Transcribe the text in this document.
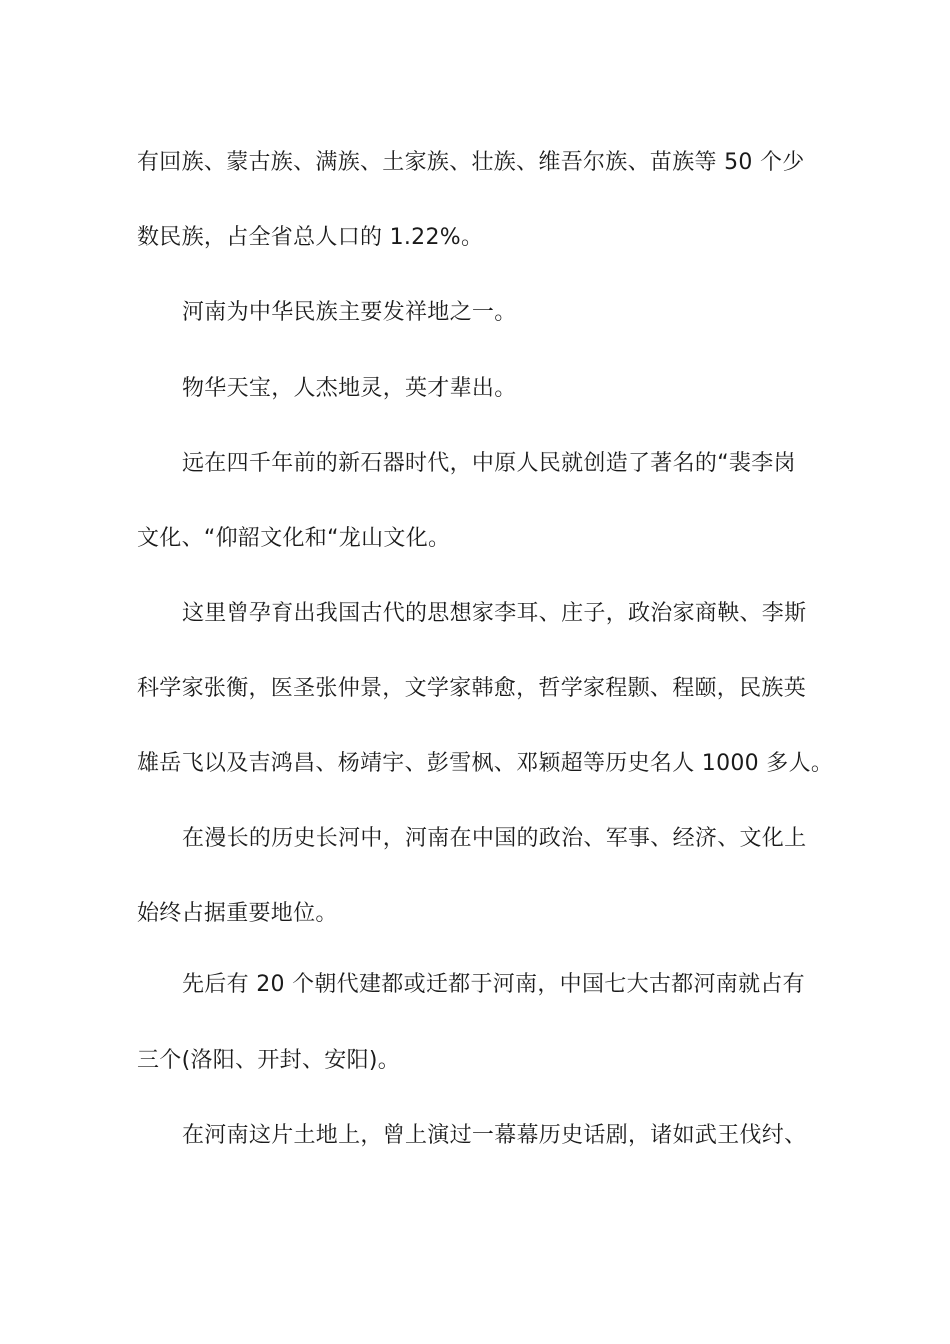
有回族、蒙古族、满族、土家族、壮族、维吾尔族、苗族等 50 个少
数民族，占全省总人口的 1.22%。
河南为中华民族主要发祥地之一。
物华天宝，人杰地灵，英才辈出。
远在四千年前的新石器时代，中原人民就创造了著名的“裴李岗
文化、“仰韶文化和“龙山文化。
这里曾孕育出我国古代的思想家李耳、庄子，政治家商鞅、李斯
科学家张衡，医圣张仲景，文学家韩愈，哲学家程颢、程颐，民族英
雄岳飞以及吉鸿昌、杨靖宇、彭雪枫、邓颖超等历史名人 1000 多人。
在漫长的历史长河中，河南在中国的政治、军事、经济、文化上
始终占据重要地位。
先后有 20 个朝代建都或迁都于河南，中国七大古都河南就占有
三个(洛阳、开封、安阳)。
在河南这片土地上，曾上演过一幕幕历史话剧，诸如武王伐纣、
